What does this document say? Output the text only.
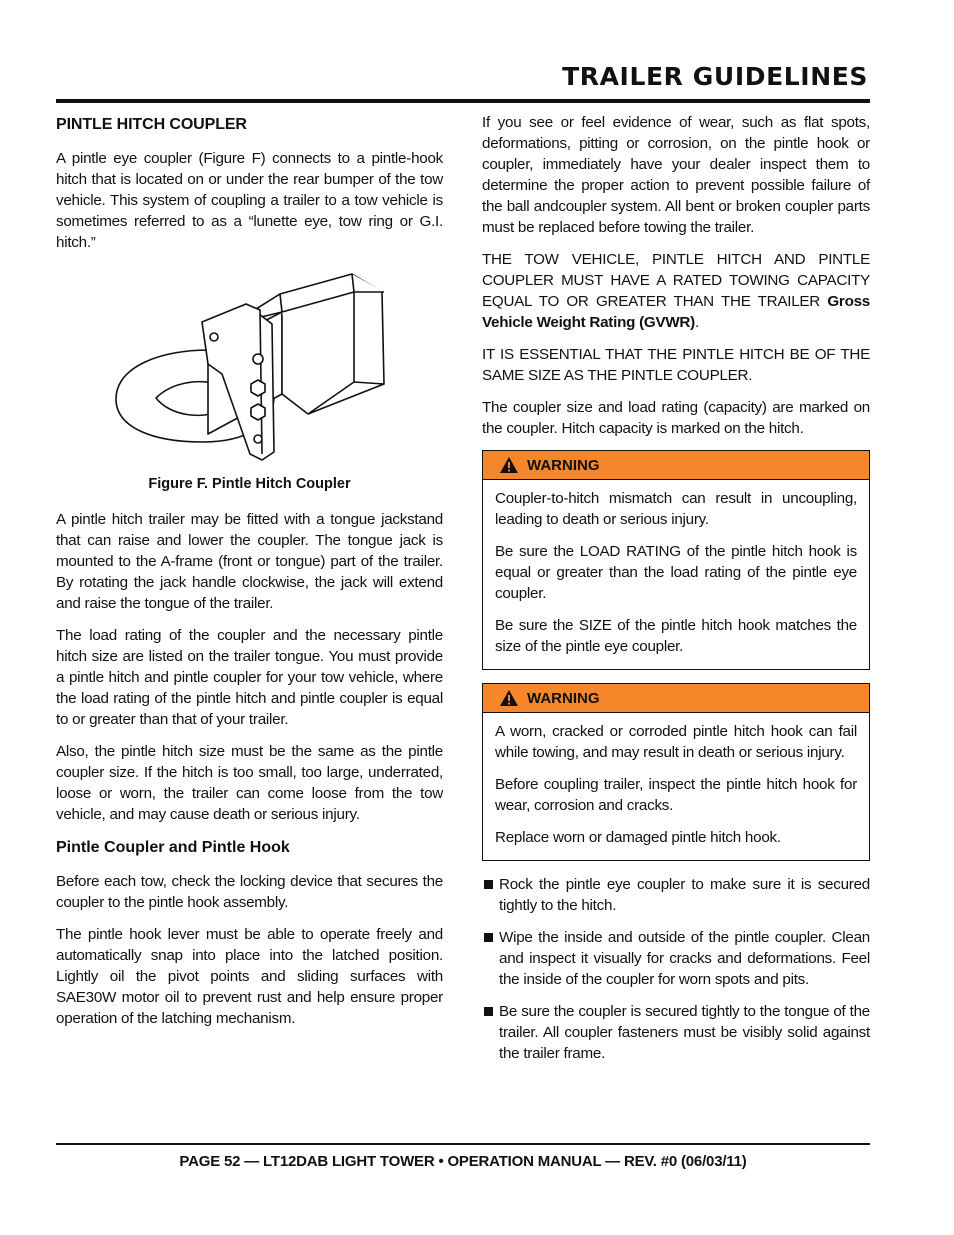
TRAILER GUIDELINES
PINTLE HITCH COUPLER

A pintle eye coupler (Figure F) connects to a pintle-hook hitch that is located on or under the rear bumper of the tow vehicle. This system of coupling a trailer to a tow vehicle is sometimes referred to as a “lunette eye, tow ring or G.I. hitch.”

Figure F. Pintle Hitch Coupler

A pintle hitch trailer may be fitted with a tongue jackstand that can raise and lower the coupler. The tongue jack is mounted to the A-frame (front or tongue) part of the trailer. By rotating the jack handle clockwise, the jack will extend and raise the tongue of the trailer.

The load rating of the coupler and the necessary pintle hitch size are listed on the trailer tongue. You must provide a pintle hitch and pintle coupler for your tow vehicle, where the load rating of the pintle hitch and pintle coupler is equal to or greater than that of your trailer.

Also, the pintle hitch size must be the same as the pintle coupler size. If the hitch is too small, too large, underrated, loose or worn, the trailer can come loose from the tow vehicle, and may cause death or serious injury.

Pintle Coupler and Pintle Hook

Before each tow, check the locking device that secures the coupler to the pintle hook assembly.

The pintle hook lever must be able to operate freely and automatically snap into place into the latched position. Lightly oil the pivot points and sliding surfaces with SAE30W motor oil to prevent rust and help ensure proper operation of the latching mechanism.

If you see or feel evidence of wear, such as flat spots, deformations, pitting or corrosion, on the pintle hook or coupler, immediately have your dealer inspect them to determine the proper action to prevent possible failure of the ball andcoupler system. All bent or broken coupler parts must be replaced before towing the trailer.

THE TOW VEHICLE, PINTLE HITCH AND PINTLE COUPLER MUST HAVE A RATED TOWING CAPACITY EQUAL TO OR GREATER THAN THE TRAILER Gross Vehicle Weight Rating (GVWR).

IT IS ESSENTIAL THAT THE PINTLE HITCH BE OF THE SAME SIZE AS THE PINTLE COUPLER.

The coupler size and load rating (capacity) are marked on the coupler. Hitch capacity is marked on the hitch.

WARNING

Coupler-to-hitch mismatch can result in uncoupling, leading to death or serious injury.

Be sure the LOAD RATING of the pintle hitch hook is equal or greater than the load rating of the pintle eye coupler.

Be sure the SIZE of the pintle hitch hook matches the size of the pintle eye coupler.

WARNING

A worn, cracked or corroded pintle hitch hook can fail while towing, and may result in death or serious injury.

Before coupling trailer, inspect the pintle hitch hook for wear, corrosion and cracks.

Replace worn or damaged pintle hitch hook.

Rock the pintle eye coupler to make sure it is secured tightly to the hitch.

Wipe the inside and outside of the pintle coupler. Clean and inspect it visually for cracks and deformations. Feel the inside of the coupler for worn spots and pits.

Be sure the coupler is secured tightly to the tongue of the trailer. All coupler fasteners must be visibly solid against the trailer frame.

PAGE 52 — LT12DAB LIGHT TOWER • OPERATION MANUAL — REV. #0 (06/03/11)
